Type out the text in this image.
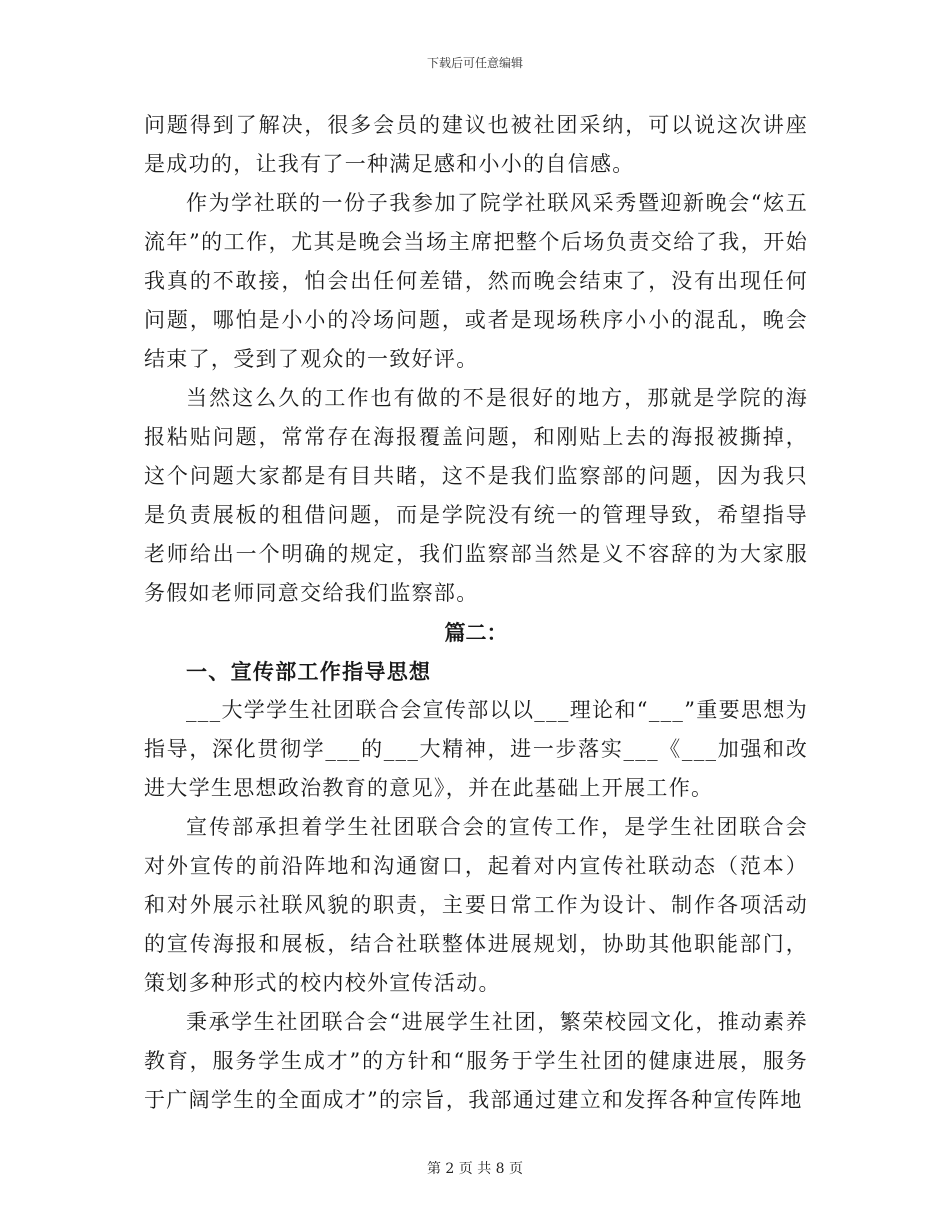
下载后可任意编辑

问题得到了解决，很多会员的建议也被社团采纳，可以说这次讲座是成功的，让我有了一种满足感和小小的自信感。

作为学社联的一份子我参加了院学社联风采秀暨迎新晚会“炫五流年”的工作，尤其是晚会当场主席把整个后场负责交给了我，开始我真的不敢接，怕会出任何差错，然而晚会结束了，没有出现任何问题，哪怕是小小的冷场问题，或者是现场秩序小小的混乱，晚会结束了，受到了观众的一致好评。

当然这么久的工作也有做的不是很好的地方，那就是学院的海报粘贴问题，常常存在海报覆盖问题，和刚贴上去的海报被撕掉，这个问题大家都是有目共睹，这不是我们监察部的问题，因为我只是负责展板的租借问题，而是学院没有统一的管理导致，希望指导老师给出一个明确的规定，我们监察部当然是义不容辞的为大家服务假如老师同意交给我们监察部。

篇二：

一、宣传部工作指导思想

___大学学生社团联合会宣传部以以___理论和“___”重要思想为指导，深化贯彻学___的___大精神，进一步落实___《___加强和改进大学生思想政治教育的意见》，并在此基础上开展工作。

宣传部承担着学生社团联合会的宣传工作，是学生社团联合会对外宣传的前沿阵地和沟通窗口，起着对内宣传社联动态（范本）和对外展示社联风貌的职责，主要日常工作为设计、制作各项活动的宣传海报和展板，结合社联整体进展规划，协助其他职能部门，策划多种形式的校内校外宣传活动。

秉承学生社团联合会“进展学生社团，繁荣校园文化，推动素养教育，服务学生成才”的方针和“服务于学生社团的健康进展，服务于广阔学生的全面成才”的宗旨，我部通过建立和发挥各种宣传阵地

第 2 页 共 8 页
